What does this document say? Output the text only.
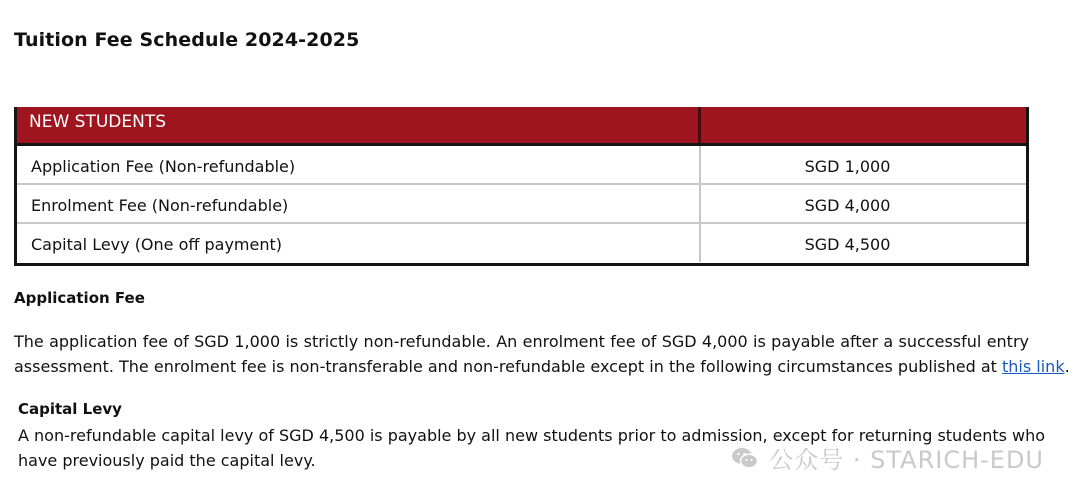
Tuition Fee Schedule 2024-2025
NEW STUDENTS
Application Fee (Non-refundable)	SGD 1,000
Enrolment Fee (Non-refundable)	SGD 4,000
Capital Levy (One off payment)	SGD 4,500
Application Fee
The application fee of SGD 1,000 is strictly non-refundable. An enrolment fee of SGD 4,000 is payable after a successful entry
assessment. The enrolment fee is non-transferable and non-refundable except in the following circumstances published at this link.
Capital Levy
A non-refundable capital levy of SGD 4,500 is payable by all new students prior to admission, except for returning students who
have previously paid the capital levy.	公众号 · STARICH-EDU
